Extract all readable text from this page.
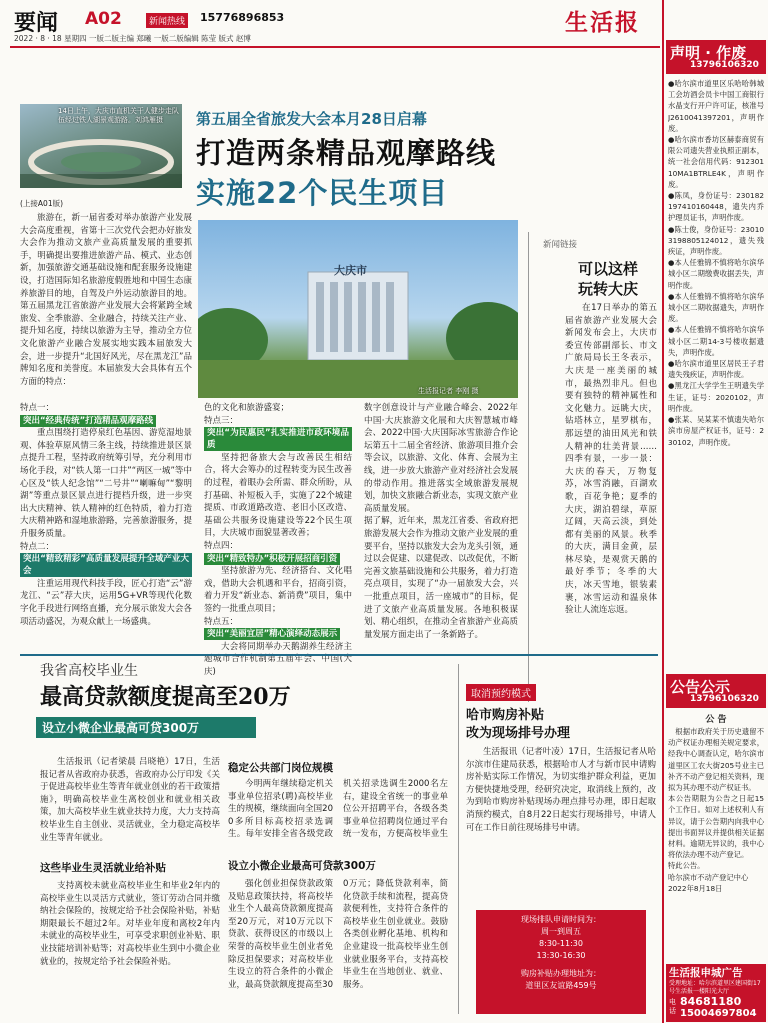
要闻 A02	新闻热线 15776896853
2022 · 8 · 18 星期四 一版二版主编 郑曦 一版二版编辑 陈莹 版式 赵博
生活报
14日上午，大庆市直机关干人健步走队伍经过铁人湖景观游路。刘鸿雁摄	第五届全省旅发大会本月28日启幕
打造两条精品观摩路线
实施22个民生项目
(上接A01版)
大庆市
生活报记者 李刚 摄
旅游在，新一届省委对举办旅游产业发展大会高度重视，省第十三次党代会把办好旅发大会作为推动文旅产业高质量发展的重要抓手，明确提出要推进旅游产品、模式、业态创新，加强旅游交通基础设施和配套服务设施建设，打造国际知名旅游度假胜地和中国生态康养旅游目的地，自驾及户外运动旅游目的地。第五届黑龙江省旅游产业发展大会将紧跨全域旅发、全季旅游、全业融合，持续关注产业、提升知名度，持续以旅游为主导，推动全方位文化旅游产业融合发展实地实践本届旅发大会，进一步提升“北国好风光，尽在黑龙江”品牌知名度和美誉度。本届旅发大会具体有五个方面的特点：
特点一：
突出“经典传统”打造精品观摩路线
重点围绕打造停泉红色基因、游览湿地景观、体验草原风情三条主线，持续推进景区景点提升工程，坚持政府统筹引导，充分利用市场化手段，对“铁人第一口井”“两区一城”等中心区及“铁人纪念馆”“二号井”“喇嘛甸”“黎明湖”等重点景区景点进行提档升级，进一步突出大庆精神、铁人精神的红色特质，着力打造大庆精神路和湿地旅游路，完善旅游服务，提升服务质量。
特点二：
突出“精致精彩”高质量发展提升全域产业大会
注重运用现代科技手段，匠心打造“云”游龙江、“云”荐大庆，运用5G+VR等现代化数字化手段进行网络直播，充分展示旅发大会各项活动盛况，为观众献上一场盛典。
色的文化和旅游盛宴；
特点三：
突出“为民惠民”扎实推进市政环境品质
坚持把备旅大会与改善民生相结合，将大会筹办的过程转变为民生改善的过程，着眼办会所需、群众所盼，从打基础、补短板入手，实施了22个城建提质、市政道路改造、老旧小区改造、基础公共服务设施建设等22个民生项目，大庆城市面貌显著改善；
特点四：
突出“精致特办”积极开展招商引资
坚持旅游为先、经济搭台、文化唱戏，借助大会机遇和平台，招商引资，着力开发“新业态、新消费”项目，集中签约一批重点项目；
特点五：
突出“美丽宜居”精心演绎动态展示
大会将同期举办天鹅湖养生经济主题城市合作机制第五届年会、中国(大庆)
数字创意设计与产业融合峰会、2022年中国·大庆旅游文化展和大庆智慧城市峰会、2022中国·大庆国际冰雪旅游合作论坛第五十二届全省经济、旅游项目推介会等会议，以旅游、文化、体育、会展为主线，进一步放大旅游产业对经济社会发展的带动作用。推进落实全域旅游发展规划，加快文旅融合新业态，实现文旅产业高质量发展。
据了解，近年来，黑龙江省委、省政府把旅游发展大会作为推动文旅产业发展的重要平台，坚持以旅发大会为龙头引领，通过以会促建、以建促改、以改促优，不断完善文旅基础设施和公共服务，着力打造亮点项目，实现了“办一届旅发大会，兴一批重点项目，活一座城市”的目标，促进了文旅产业高质量发展。各地积极谋划、精心组织，在推动全省旅游产业高质量发展方面走出了一条新路子。
新闻链接
可以这样
玩转大庆
在17日举办的第五届省旅游产业发展大会新闻发布会上，大庆市委宣传部副部长、市文广旅局局长王冬表示，大庆是一座美丽的城市，最热烈非凡。但也要有独特的精神属性和文化魅力。远眺大庆，钻塔林立，星罗棋布，那远望的油田风光和铁人精神的壮美背景……四季有景，一步一景：大庆的春天，万物复苏，冰雪消融，百湖欢歌，百花争艳；夏季的大庆，湖泊碧绿，草原辽阔，天高云淡，到处都有美丽的风景。秋季的大庆，满目金黄，层林尽染，是观赏天鹅的最好季节；冬季的大庆，冰天雪地，银装素裹，冰雪运动和温泉体验让人流连忘返。
我省高校毕业生
最高贷款额度提高至20万
设立小微企业最高可贷300万
生活报讯（记者梁晨 吕晓艳）17日，生活报记者从省政府办获悉，省政府办公厅印发《关于促进高校毕业生等青年就业创业的若干政策措施》，明确高校毕业生离校创业和就业相关政策，加大高校毕业生就业扶持力度，大力支持高校毕业生自主创业、灵活就业，全力稳定高校毕业生等青年就业。
这些毕业生灵活就业给补贴
支持离校未就业高校毕业生和毕业2年内的高校毕业生以灵活方式就业，签订劳动合同并缴纳社会保险的，按规定给予社会保险补贴，补贴期限最长不超过2年。对毕业年度和离校2年内未就业的高校毕业生，可享受求职创业补贴、职业技能培训补贴等；对高校毕业生到中小微企业就业的，按规定给予社会保险补贴。
稳定公共部门岗位规模
今明两年继续稳定机关事业单位招录(聘)高校毕业生的规模，继续面向全国200多所目标高校招录选调生。每年安排全省各级党政机关招录选调生2000名左右，建设全省统一的事业单位公开招聘平台，各级各类事业单位招聘岗位通过平台统一发布，方便高校毕业生
设立小微企业最高可贷款300万
强化创业担保贷款政策及贴息政策扶持，将高校毕业生个人最高贷款额度提高至20万元，对10万元以下贷款、获得设区的市级以上荣誉的高校毕业生创业者免除反担保要求；对高校毕业生设立的符合条件的小微企业，最高贷款额度提高至300万元；降低贷款利率，简化贷款手续和流程，提高贷款便利性，支持符合条件的高校毕业生创业就业。鼓励各类创业孵化基地、机构和企业建设一批高校毕业生创业就业服务平台，支持高校毕业生在当地创业、就业、服务。
取消预约模式
哈市购房补贴
改为现场排号办理
生活报讯（记者叶凌）17日，生活报记者从哈尔滨市住建局获悉，根据哈市人才与新市民申请购房补贴实际工作情况，为切实维护群众利益，更加方便快捷地受理，经研究决定，取消线上预约，改为到哈市购房补贴现场办理点排号办理，即日起取消预约模式，自8月22日起实行现场排号，申请人可在工作日前往现场排号申请。
现场排队申请时间为：
周一到周五
8:30-11:30
13:30-16:30
购房补贴办理地址为：
道里区友谊路459号
声明 · 作废
13796106320
●哈尔滨市道里区乐哈哈韩城工会坊酒会员卡中国工商银行水晶支行开户许可证，核准号J2610041397201，声明作废。
●哈尔滨市香坊区赫泰商贸有限公司遗失营业执照正副本，统一社会信用代码：91230110MA1BTRLE4K，声明作废。
●陈凤，身份证号：230182197410160448，遗失内乔护理员证书，声明作废。
●陈士俊，身份证号：230103198805124012，遗失残疾证，声明作废。
●本人任雅锦不慎将哈尔滨华城小区二期缴费收据丢失，声明作废。
●本人任雅锦不慎将哈尔滨华城小区二期收据遗失，声明作废。
●本人任雅锦不慎将哈尔滨华城小区二期14-3号楼收据遗失，声明作废。
●哈尔滨市道里区居民王子君遗失残疾证，声明作废。
●黑龙江大学学生王明遗失学生证，证号：2020102，声明作废。
●张某、吴某某不慎遗失哈尔滨市房屋产权证书，证号：230102，声明作废。
公告公示
13796106320
公 告
根据市政府关于历史遗留不动产权证办理相关规定要求，经我中心调查认定，哈尔滨市道里区工农大街205号业主已补齐不动产登记相关资料，现拟为其办理不动产权证书。
本公告期限为公告之日起15个工作日。如对上述权利人有异议，请于公告期内向我中心提出书面异议并提供相关证据材料。逾期无异议的，我中心将依法办理不动产登记。
特此公告。
哈尔滨市不动产登记中心
2022年8月18日
生活报申城广告
受理地址：哈尔滨道里区建国街17号生活报一楼阳光大厅
电话
84681180
15004697804
